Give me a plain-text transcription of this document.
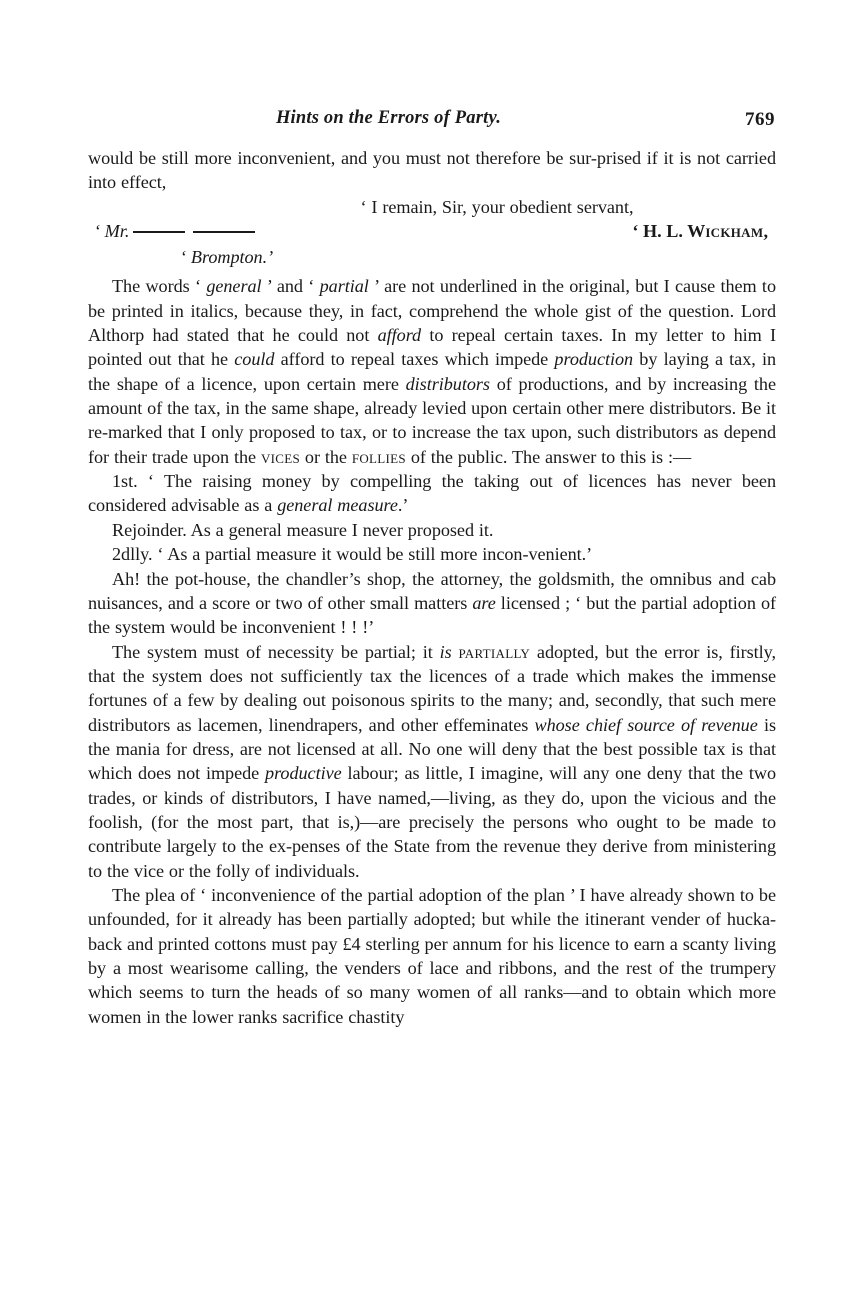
Hints on the Errors of Party.	769

would be still more inconvenient, and you must not therefore be sur-prised if it is not carried into effect,

‘ I remain, Sir, your obedient servant,

‘ Mr.	‘ H. L. Wickham,

‘ Brompton.’

The words ‘ general ’ and ‘ partial ’ are not underlined in the original, but I cause them to be printed in italics, because they, in fact, comprehend the whole gist of the question. Lord Althorp had stated that he could not afford to repeal certain taxes. In my letter to him I pointed out that he could afford to repeal taxes which impede production by laying a tax, in the shape of a licence, upon certain mere distributors of productions, and by increasing the amount of the tax, in the same shape, already levied upon certain other mere distributors. Be it re-marked that I only proposed to tax, or to increase the tax upon, such distributors as depend for their trade upon the vices or the follies of the public. The answer to this is :—

1st. ‘ The raising money by compelling the taking out of licences has never been considered advisable as a general measure.’

Rejoinder. As a general measure I never proposed it.

2dlly. ‘ As a partial measure it would be still more incon-venient.’

Ah! the pot-house, the chandler’s shop, the attorney, the goldsmith, the omnibus and cab nuisances, and a score or two of other small matters are licensed ; ‘ but the partial adoption of the system would be inconvenient ! ! !’

The system must of necessity be partial; it is partially adopted, but the error is, firstly, that the system does not sufficiently tax the licences of a trade which makes the immense fortunes of a few by dealing out poisonous spirits to the many; and, secondly, that such mere distributors as lacemen, linendrapers, and other effeminates whose chief source of revenue is the mania for dress, are not licensed at all. No one will deny that the best possible tax is that which does not impede productive labour; as little, I imagine, will any one deny that the two trades, or kinds of distributors, I have named,—living, as they do, upon the vicious and the foolish, (for the most part, that is,)—are precisely the persons who ought to be made to contribute largely to the ex-penses of the State from the revenue they derive from ministering to the vice or the folly of individuals.

The plea of ‘ inconvenience of the partial adoption of the plan ’ I have already shown to be unfounded, for it already has been partially adopted; but while the itinerant vender of hucka-back and printed cottons must pay £4 sterling per annum for his licence to earn a scanty living by a most wearisome calling, the venders of lace and ribbons, and the rest of the trumpery which seems to turn the heads of so many women of all ranks—and to obtain which more women in the lower ranks sacrifice chastity
